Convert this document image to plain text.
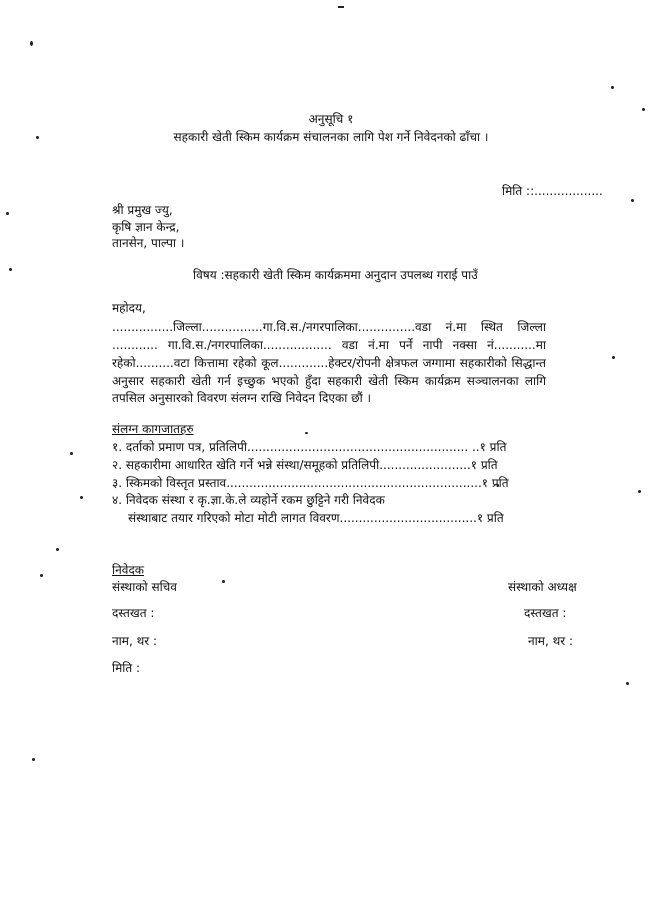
अनुसूचि १
सहकारी खेती स्किम कार्यक्रम संचालनका लागि पेश गर्ने निवेदनको ढाँचा ।
मिति ::..................
श्री प्रमुख ज्यु,
कृषि ज्ञान केन्द्र,
तानसेन, पाल्पा ।
विषय :सहकारी खेती स्किम कार्यक्रममा अनुदान उपलब्ध गराई पाउँ
महोदय,
................जिल्ला................गा.वि.स./नगरपालिका...............वडा नं.मा स्थित जिल्ला
............ गा.वि.स./नगरपालिका.................. वडा नं.मा पर्ने नापी नक्सा नं...........मा
रहेको..........वटा कित्तामा रहेको कूल.............हेक्टर/रोपनी क्षेत्रफल जग्गामा सहकारीको सिद्धान्त
अनुसार सहकारी खेती गर्न इच्छुक भएको हुँदा सहकारी खेती स्किम कार्यक्रम सञ्चालनका लागि
तपसिल अनुसारको विवरण संलग्न राखि निवेदन दिएका छौं ।
संलग्न कागजातहरु
१. दर्ताको प्रमाण पत्र, प्रतिलिपी.......................................................... ..१ प्रति
२. सहकारीमा आधारित खेति गर्ने भन्ने संस्था/समूहको प्रतिलिपी........................१ प्रति
३. स्किमको विस्तृत प्रस्ताव...................................................................१ प्रति
४. निवेदक संस्था र कृ.ज्ञा.के.ले व्यहोर्ने रकम छुट्टिने गरी निवेदक
संस्थाबाट तयार गरिएको मोटा मोटी लागत विवरण....................................१ प्रति
निवेदक
संस्थाको सचिव	संस्थाको अध्यक्ष
दस्तखत :	दस्तखत :
नाम, थर :	नाम, थर :
मिति :
